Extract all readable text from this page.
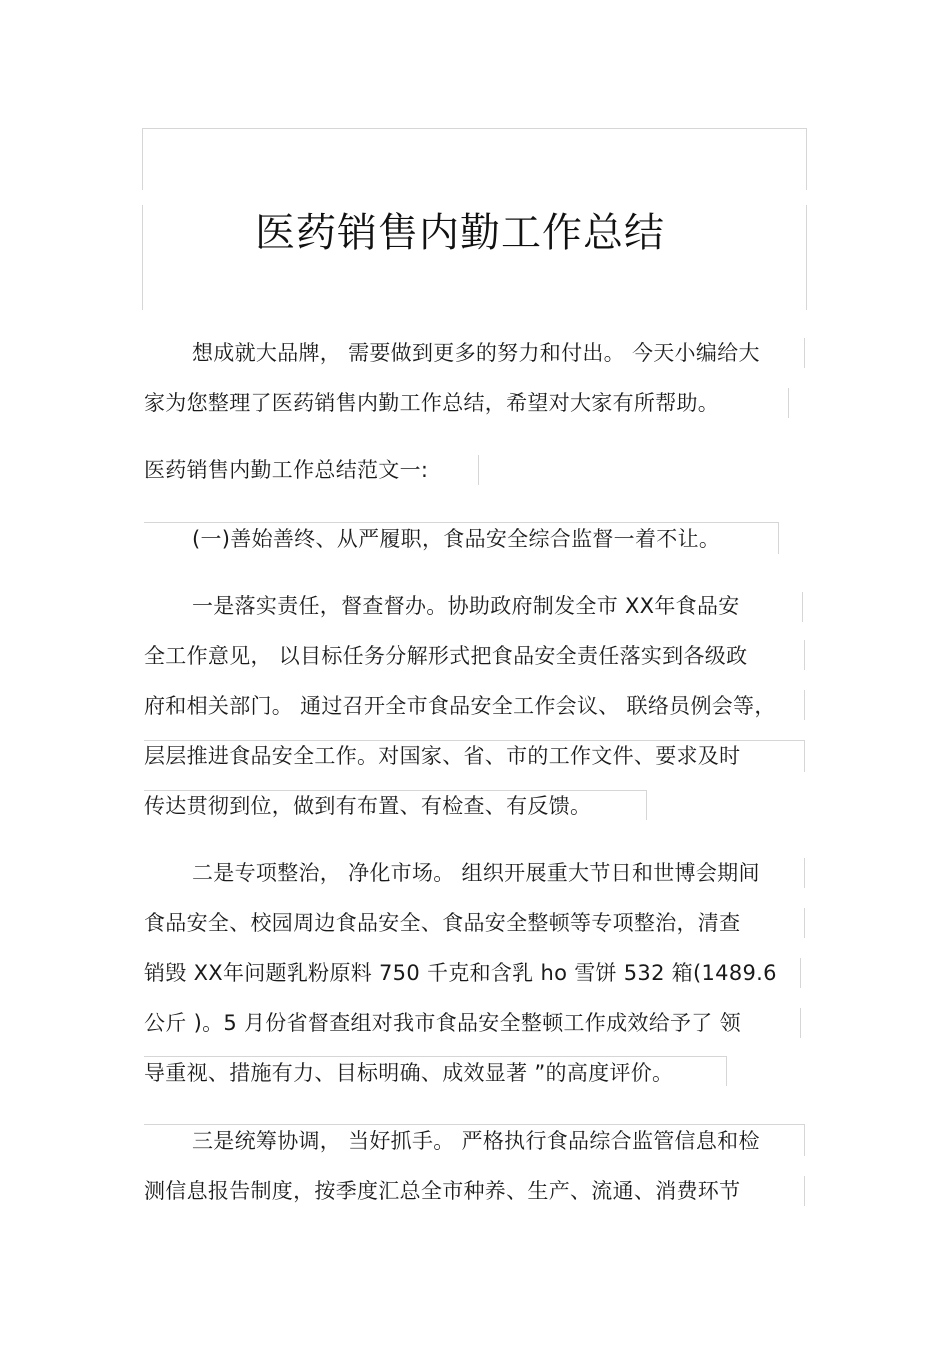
医药销售内勤工作总结
想成就大品牌， 需要做到更多的努力和付出。 今天小编给大
家为您整理了医药销售内勤工作总结，希望对大家有所帮助。
医药销售内勤工作总结范文一:
(一)善始善终、从严履职，食品安全综合监督一着不让。
一是落实责任，督查督办。协助政府制发全市 XX年食品安
全工作意见， 以目标任务分解形式把食品安全责任落实到各级政
府和相关部门。 通过召开全市食品安全工作会议、 联络员例会等，
层层推进食品安全工作。对国家、省、市的工作文件、要求及时
传达贯彻到位，做到有布置、有检查、有反馈。
二是专项整治， 净化市场。 组织开展重大节日和世博会期间
食品安全、校园周边食品安全、食品安全整顿等专项整治，清查
销毁 XX年问题乳粉原料 750 千克和含乳 ho 雪饼 532 箱(1489.6
公斤 )。5 月份省督查组对我市食品安全整顿工作成效给予了 领
导重视、措施有力、目标明确、成效显著 ”的高度评价。
三是统筹协调， 当好抓手。 严格执行食品综合监管信息和检
测信息报告制度，按季度汇总全市种养、生产、流通、消费环节
